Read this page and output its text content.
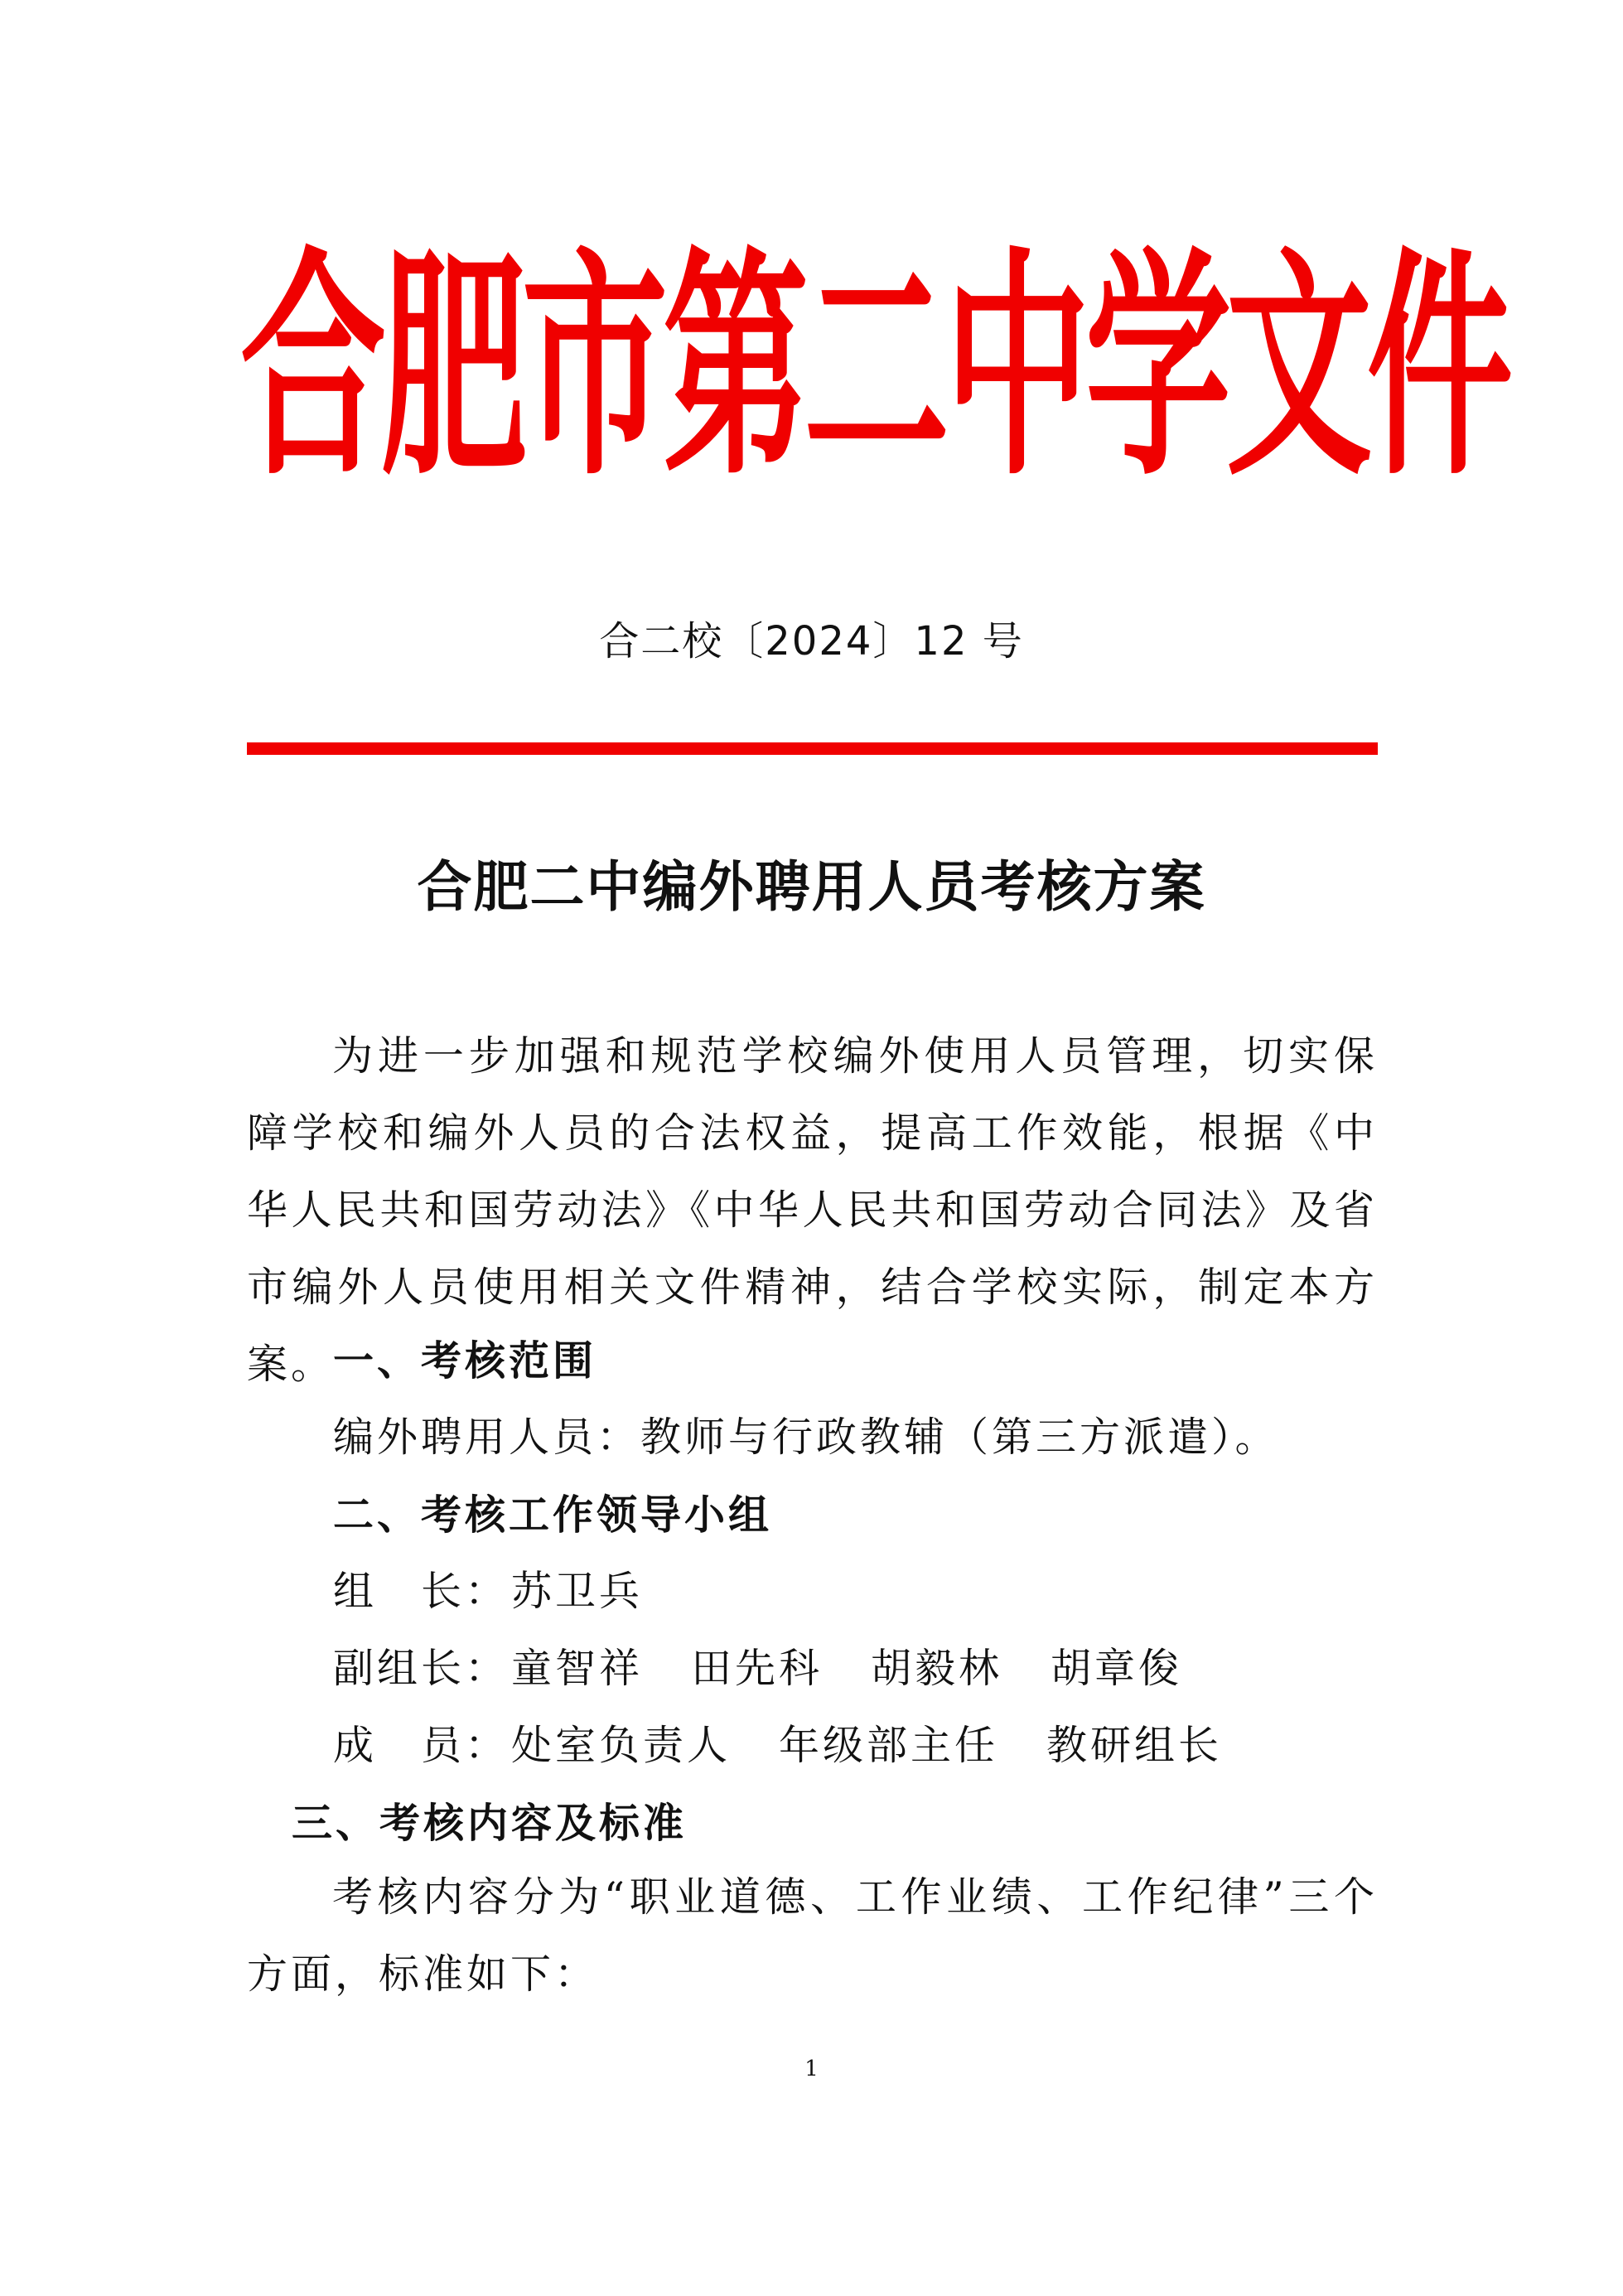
合肥市第二中学文件
合二校〔2024〕12 号
合肥二中编外聘用人员考核方案

为进一步加强和规范学校编外使用人员管理，切实保障学校和编外人员的合法权益，提高工作效能，根据《中华人民共和国劳动法》《中华人民共和国劳动合同法》及省市编外人员使用相关文件精神，结合学校实际，制定本方案。

一、考核范围

编外聘用人员：教师与行政教辅（第三方派遣）。

二、考核工作领导小组

组　长：苏卫兵

副组长：童智祥 田先科 胡毅林 胡章俊

成　员：处室负责人 年级部主任 教研组长

三、考核内容及标准

考核内容分为“职业道德、工作业绩、工作纪律”三个方面，标准如下：

1
